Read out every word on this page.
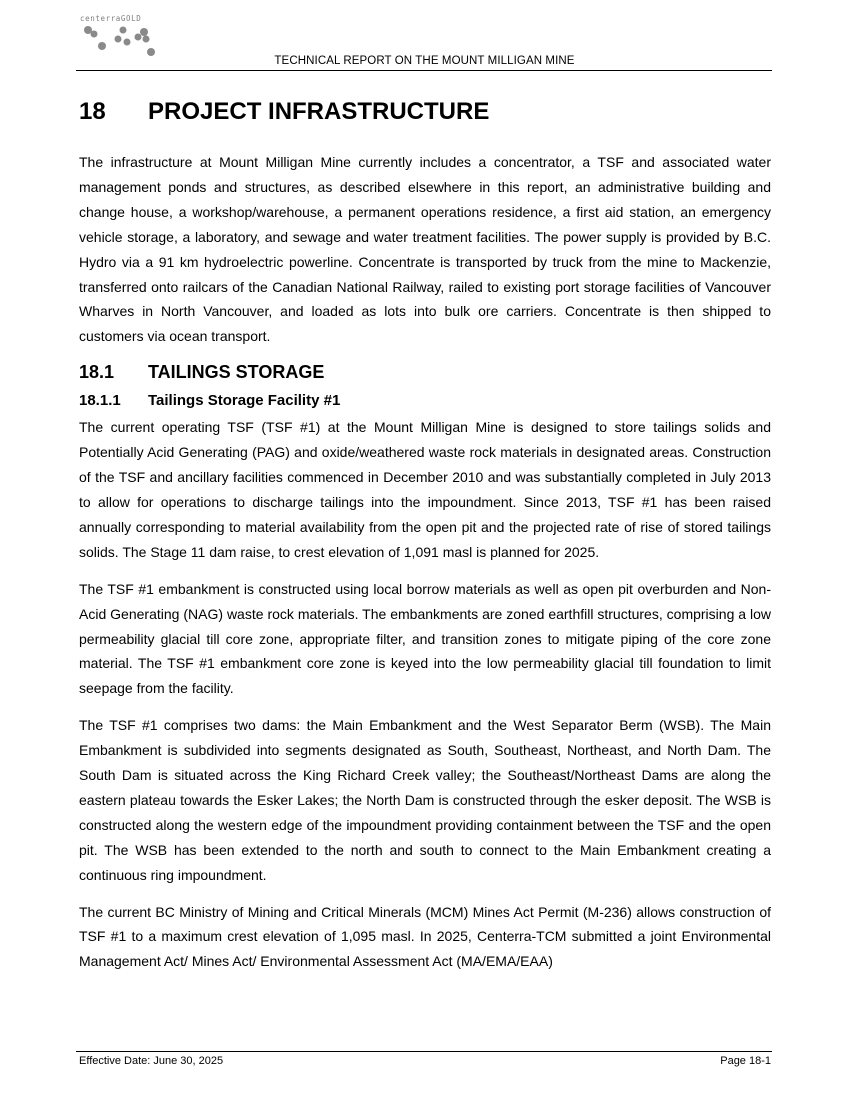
centerraGOLD
TECHNICAL REPORT ON THE MOUNT MILLIGAN MINE
18	PROJECT INFRASTRUCTURE

The infrastructure at Mount Milligan Mine currently includes a concentrator, a TSF and associated water management ponds and structures, as described elsewhere in this report, an administrative building and change house, a workshop/warehouse, a permanent operations residence, a first aid station, an emergency vehicle storage, a laboratory, and sewage and water treatment facilities. The power supply is provided by B.C. Hydro via a 91 km hydroelectric powerline. Concentrate is transported by truck from the mine to Mackenzie, transferred onto railcars of the Canadian National Railway, railed to existing port storage facilities of Vancouver Wharves in North Vancouver, and loaded as lots into bulk ore carriers. Concentrate is then shipped to customers via ocean transport.

18.1	TAILINGS STORAGE
18.1.1	Tailings Storage Facility #1

The current operating TSF (TSF #1) at the Mount Milligan Mine is designed to store tailings solids and Potentially Acid Generating (PAG) and oxide/weathered waste rock materials in designated areas. Construction of the TSF and ancillary facilities commenced in December 2010 and was substantially completed in July 2013 to allow for operations to discharge tailings into the impoundment. Since 2013, TSF #1 has been raised annually corresponding to material availability from the open pit and the projected rate of rise of stored tailings solids. The Stage 11 dam raise, to crest elevation of 1,091 masl is planned for 2025.

The TSF #1 embankment is constructed using local borrow materials as well as open pit overburden and Non-Acid Generating (NAG) waste rock materials. The embankments are zoned earthfill structures, comprising a low permeability glacial till core zone, appropriate filter, and transition zones to mitigate piping of the core zone material. The TSF #1 embankment core zone is keyed into the low permeability glacial till foundation to limit seepage from the facility.

The TSF #1 comprises two dams: the Main Embankment and the West Separator Berm (WSB). The Main Embankment is subdivided into segments designated as South, Southeast, Northeast, and North Dam. The South Dam is situated across the King Richard Creek valley; the Southeast/Northeast Dams are along the eastern plateau towards the Esker Lakes; the North Dam is constructed through the esker deposit. The WSB is constructed along the western edge of the impoundment providing containment between the TSF and the open pit. The WSB has been extended to the north and south to connect to the Main Embankment creating a continuous ring impoundment.

The current BC Ministry of Mining and Critical Minerals (MCM) Mines Act Permit (M-236) allows construction of TSF #1 to a maximum crest elevation of 1,095 masl. In 2025, Centerra-TCM submitted a joint Environmental Management Act/ Mines Act/ Environmental Assessment Act (MA/EMA/EAA)

Effective Date: June 30, 2025	Page 18-1
